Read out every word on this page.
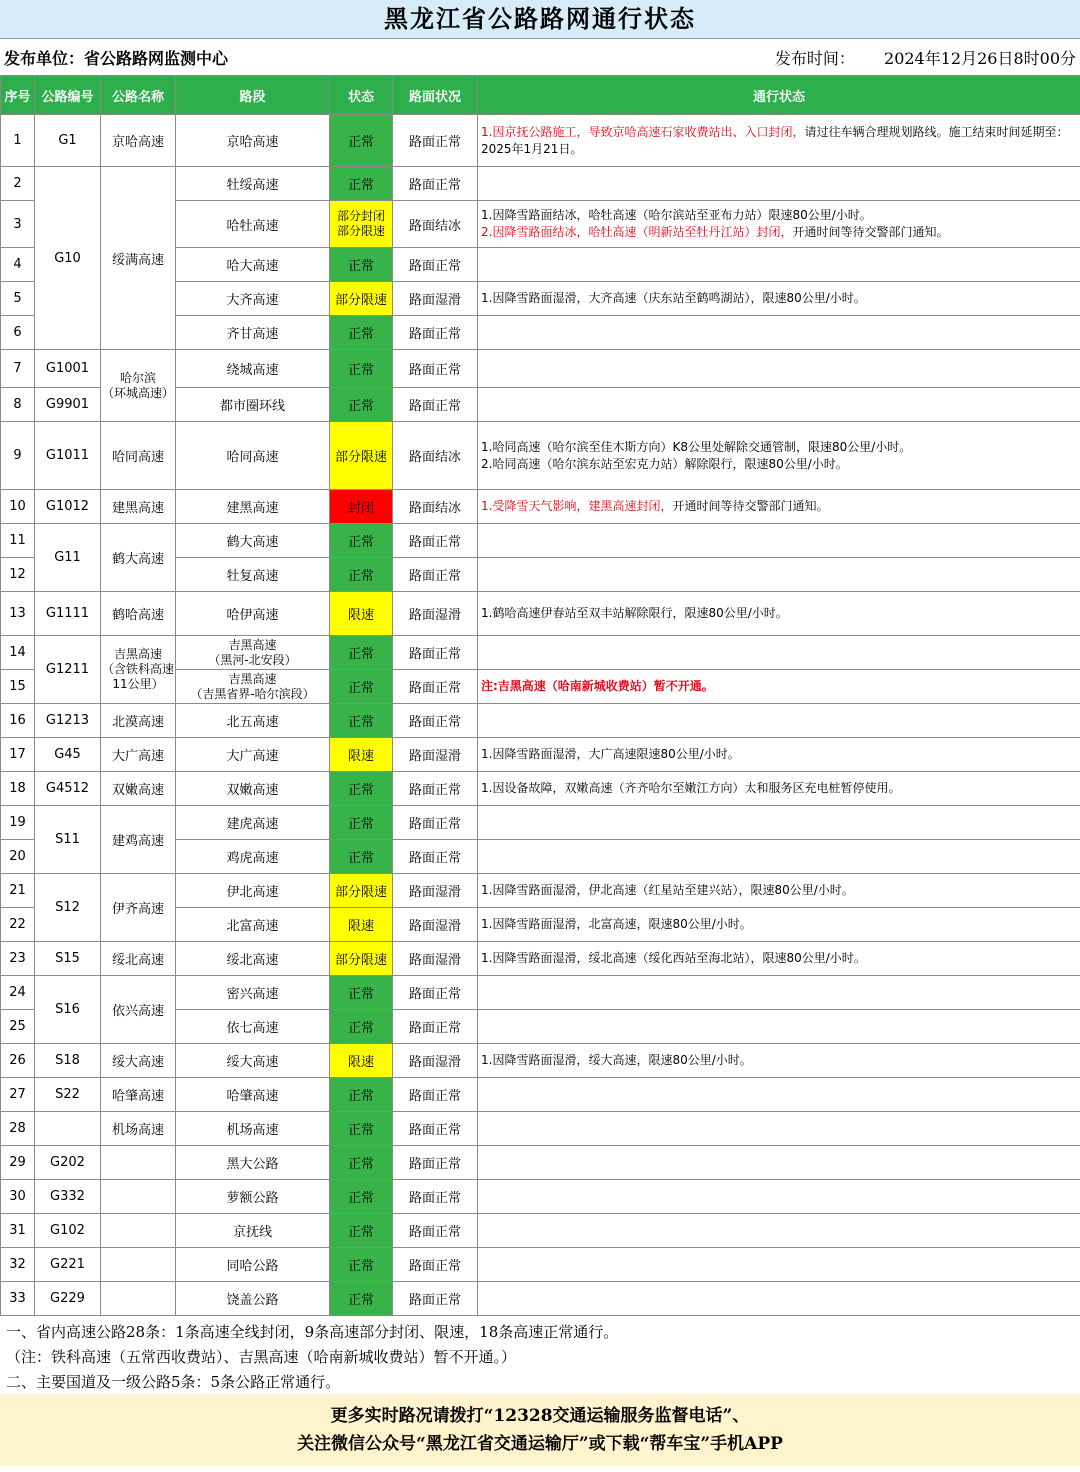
黑龙江省公路路网通行状态
发布单位：省公路路网监测中心	发布时间： 2024年12月26日8时00分
序号	公路编号	公路名称	路段	状态	路面状况	通行状态
1	G1	京哈高速	京哈高速	正常	路面正常	1.因京抚公路施工，导致京哈高速石家收费站出、入口封闭，请过往车辆合理规划路线。施工结束时间延期至：2025年1月21日。
2	G10	绥满高速	牡绥高速	正常	路面正常	
3			哈牡高速	部分封闭
部分限速	路面结冰	1.因降雪路面结冰，哈牡高速（哈尔滨站至亚布力站）限速80公里/小时。
2.因降雪路面结冰，哈牡高速（明新站至牡丹江站）封闭，开通时间等待交警部门通知。
4			哈大高速	正常	路面正常	
5			大齐高速	部分限速	路面湿滑	1.因降雪路面湿滑，大齐高速（庆东站至鹤鸣湖站），限速80公里/小时。
6			齐甘高速	正常	路面正常	
7	G1001	哈尔滨
（环城高速）	绕城高速	正常	路面正常	
8	G9901		都市圈环线	正常	路面正常	
9	G1011	哈同高速	哈同高速	部分限速	路面结冰	1.哈同高速（哈尔滨至佳木斯方向）K8公里处解除交通管制，限速80公里/小时。
2.哈同高速（哈尔滨东站至宏克力站）解除限行，限速80公里/小时。
10	G1012	建黑高速	建黑高速	封闭	路面结冰	1.受降雪天气影响，建黑高速封闭，开通时间等待交警部门通知。
11	G11	鹤大高速	鹤大高速	正常	路面正常	
12			牡复高速	正常	路面正常	
13	G1111	鹤哈高速	哈伊高速	限速	路面湿滑	1.鹤哈高速伊春站至双丰站解除限行，限速80公里/小时。
14	G1211	吉黑高速
（含铁科高速
11公里）	吉黑高速
（黑河-北安段）	正常	路面正常	
15			吉黑高速
（吉黑省界-哈尔滨段）	正常	路面正常	注:吉黑高速（哈南新城收费站）暂不开通。
16	G1213	北漠高速	北五高速	正常	路面正常	
17	G45	大广高速	大广高速	限速	路面湿滑	1.因降雪路面湿滑，大广高速限速80公里/小时。
18	G4512	双嫩高速	双嫩高速	正常	路面正常	1.因设备故障，双嫩高速（齐齐哈尔至嫩江方向）太和服务区充电桩暂停使用。
19	S11	建鸡高速	建虎高速	正常	路面正常	
20			鸡虎高速	正常	路面正常	
21	S12	伊齐高速	伊北高速	部分限速	路面湿滑	1.因降雪路面湿滑，伊北高速（红星站至建兴站），限速80公里/小时。
22			北富高速	限速	路面湿滑	1.因降雪路面湿滑，北富高速，限速80公里/小时。
23	S15	绥北高速	绥北高速	部分限速	路面湿滑	1.因降雪路面湿滑，绥北高速（绥化西站至海北站），限速80公里/小时。
24	S16	依兴高速	密兴高速	正常	路面正常	
25			依七高速	正常	路面正常	
26	S18	绥大高速	绥大高速	限速	路面湿滑	1.因降雪路面湿滑，绥大高速，限速80公里/小时。
27	S22	哈肇高速	哈肇高速	正常	路面正常	
28		机场高速	机场高速	正常	路面正常	
29	G202		黑大公路	正常	路面正常	
30	G332		萝额公路	正常	路面正常	
31	G102		京抚线	正常	路面正常	
32	G221		同哈公路	正常	路面正常	
33	G229		饶盖公路	正常	路面正常	
一、省内高速公路28条：1条高速全线封闭，9条高速部分封闭、限速，18条高速正常通行。
（注：铁科高速（五常西收费站）、吉黑高速（哈南新城收费站）暂不开通。）
二、主要国道及一级公路5条：5条公路正常通行。
更多实时路况请拨打“12328交通运输服务监督电话”、
关注微信公众号“黑龙江省交通运输厅”或下载“帮车宝”手机APP
